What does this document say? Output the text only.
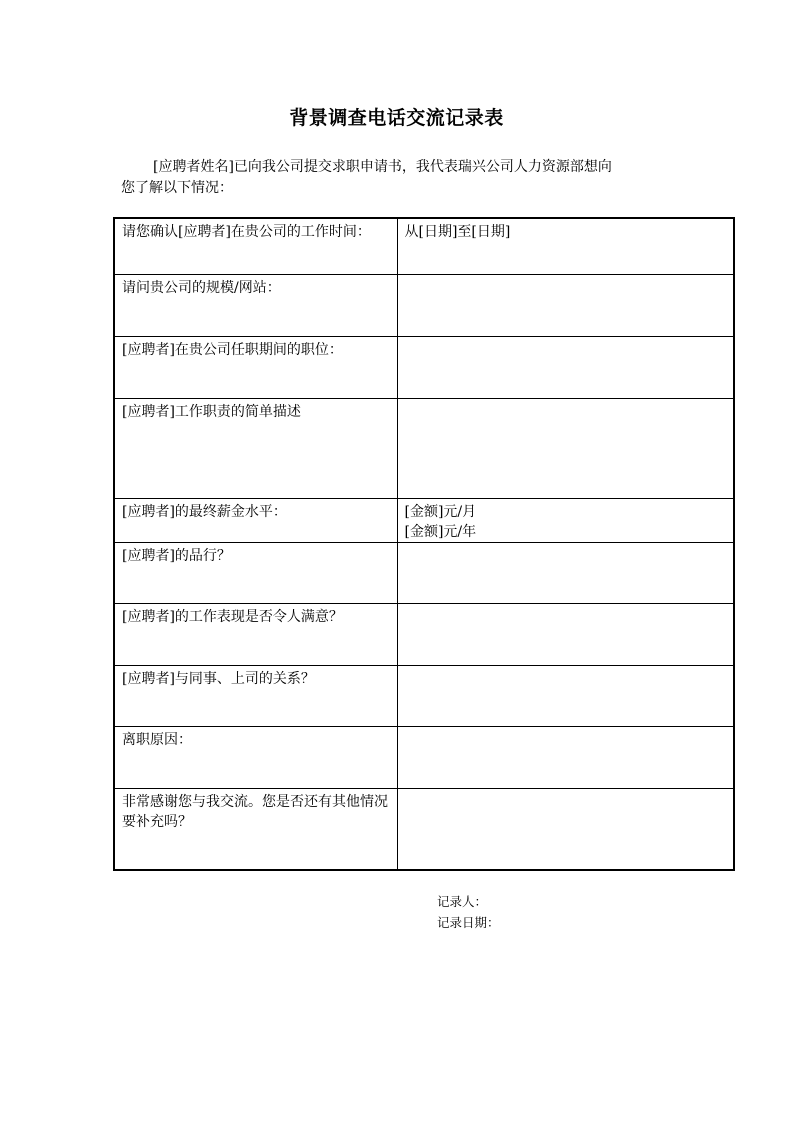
背景调查电话交流记录表
[应聘者姓名]已向我公司提交求职申请书，我代表瑞兴公司人力资源部想向
您了解以下情况：
请您确认[应聘者]在贵公司的工作时间：	从[日期]至[日期]

请问贵公司的规模/网站：	
[应聘者]在贵公司任职期间的职位：	
[应聘者]工作职责的简单描述	
[应聘者]的最终薪金水平：	[金额]元/月
[金额]元/年

[应聘者]的品行？	
[应聘者]的工作表现是否令人满意？	
[应聘者]与同事、上司的关系？	
离职原因：	
非常感谢您与我交流。您是否还有其他情况要补充吗？	
记录人：
记录日期：
